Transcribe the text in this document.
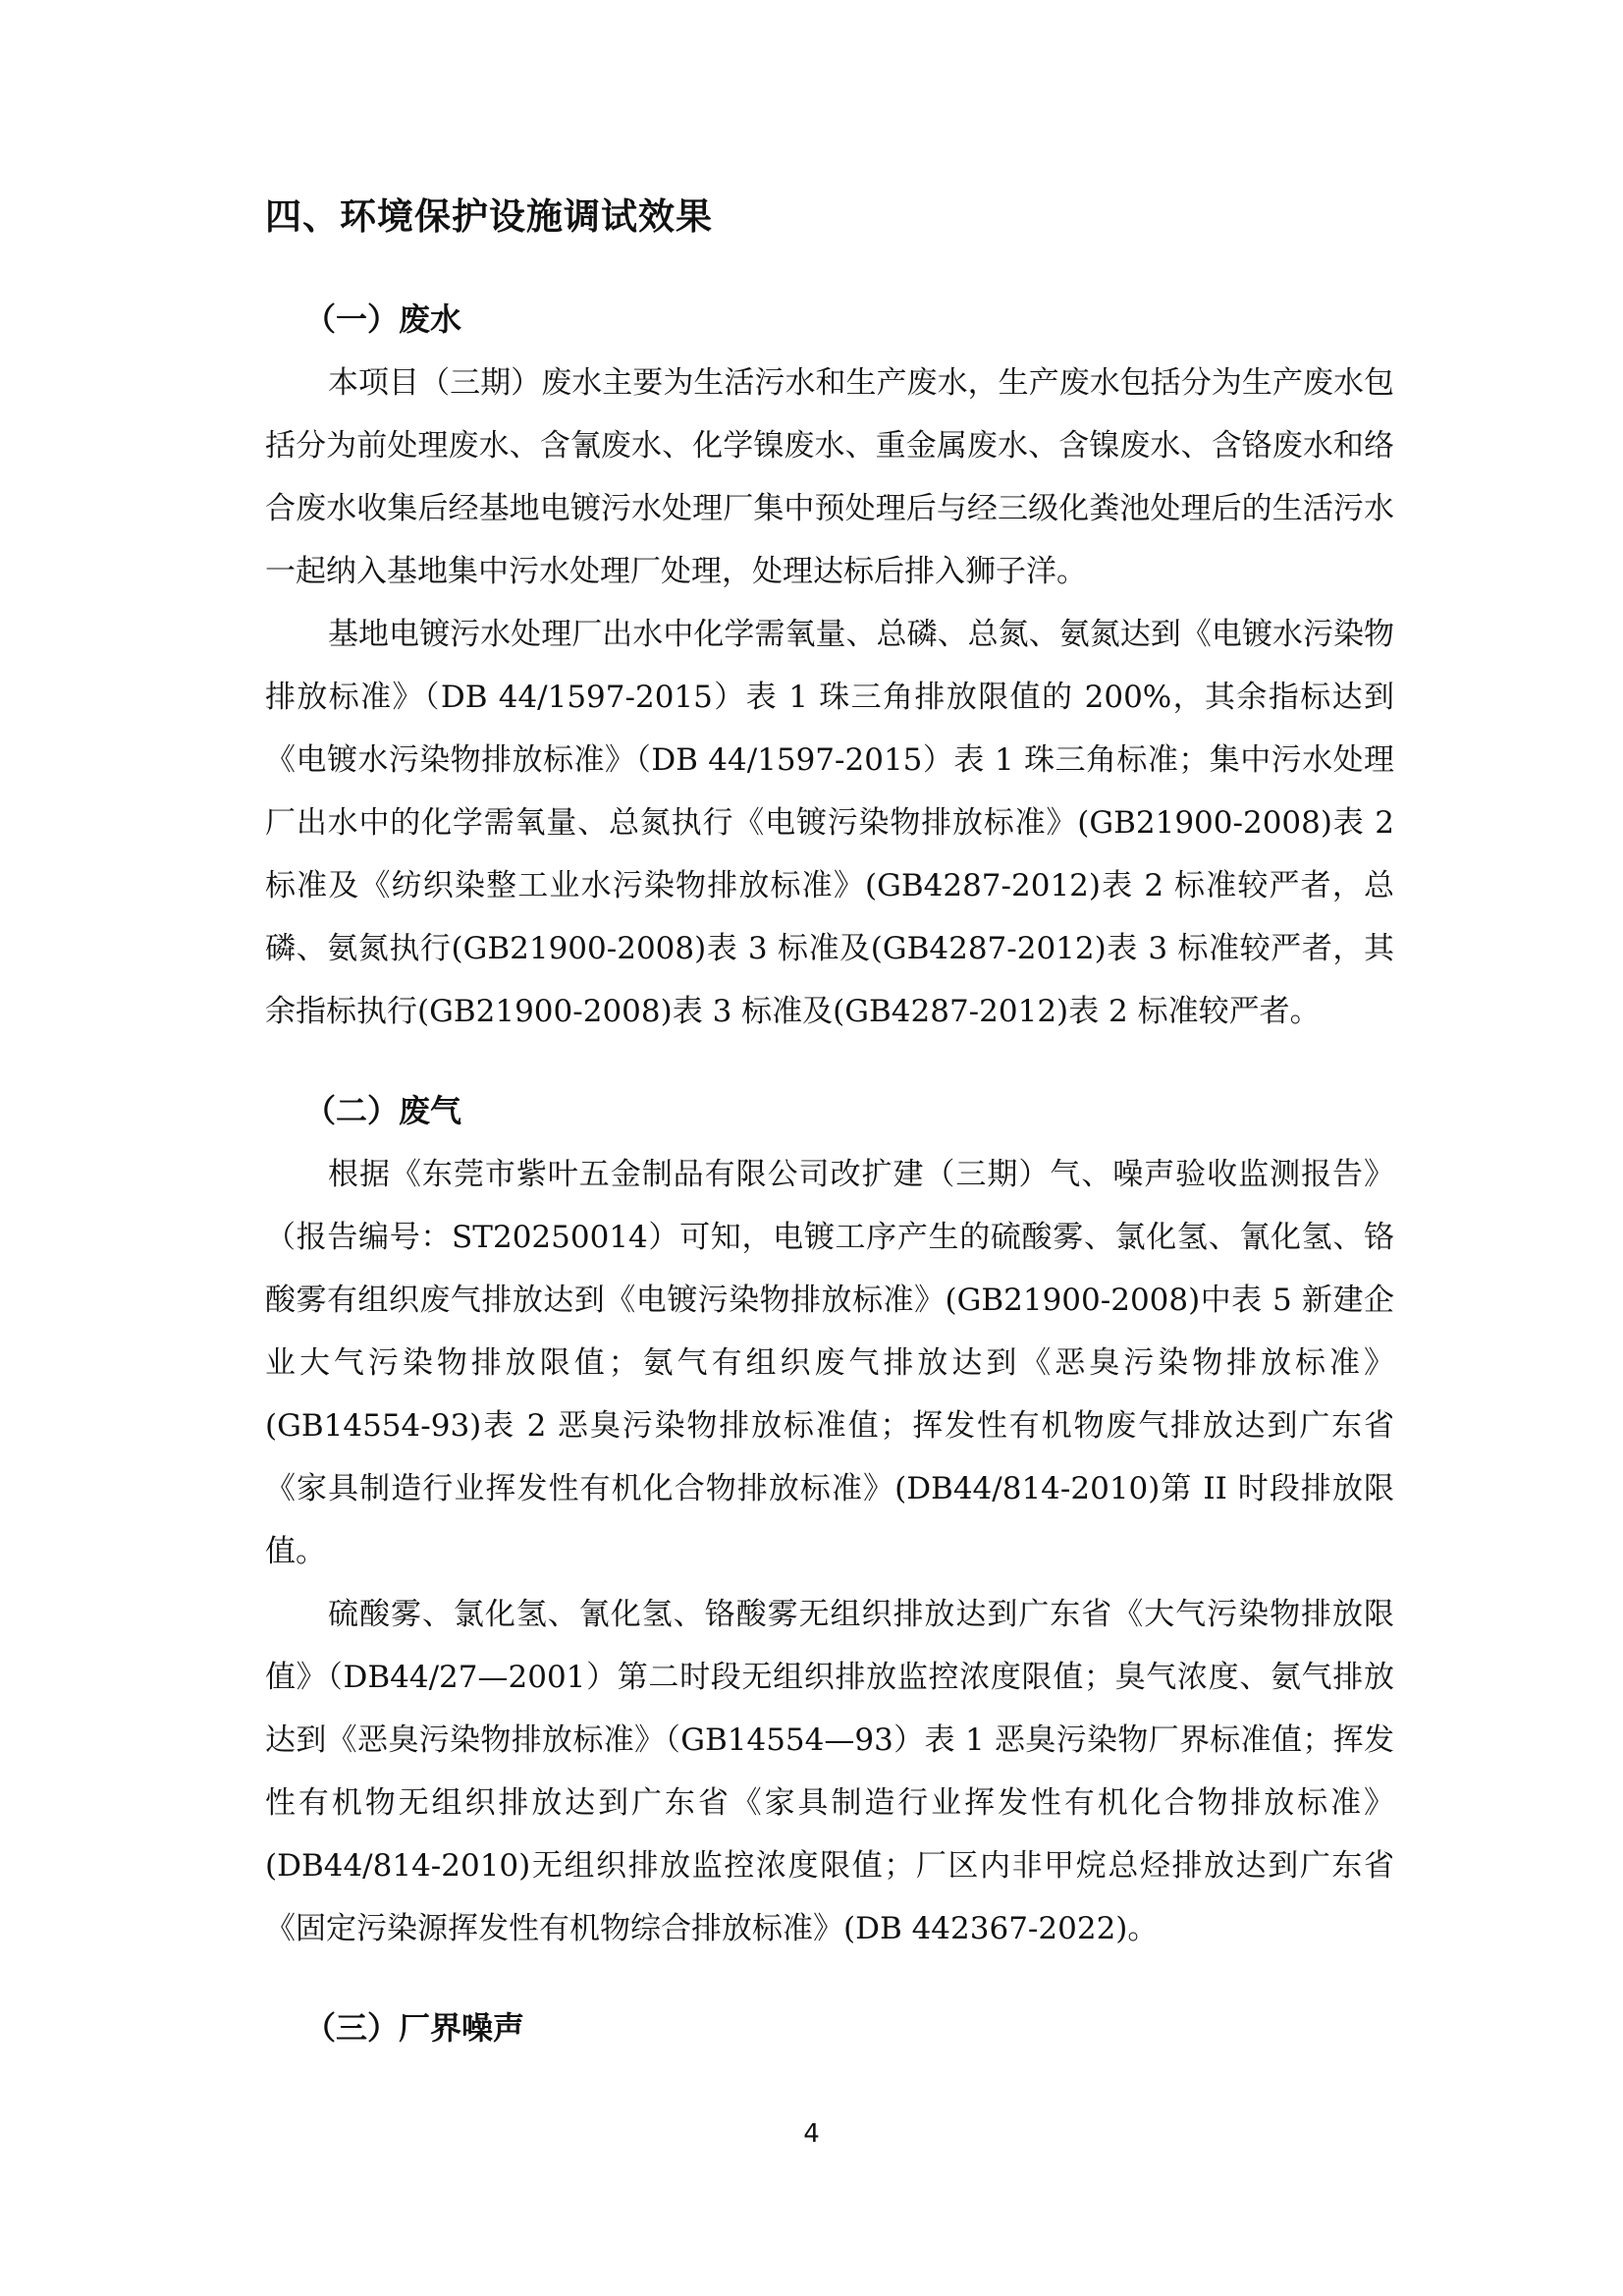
四、环境保护设施调试效果
（一）废水

本项目（三期）废水主要为生活污水和生产废水，生产废水包括分为生产废水包括分为前处理废水、含氰废水、化学镍废水、重金属废水、含镍废水、含铬废水和络合废水收集后经基地电镀污水处理厂集中预处理后与经三级化粪池处理后的生活污水一起纳入基地集中污水处理厂处理，处理达标后排入狮子洋。

基地电镀污水处理厂出水中化学需氧量、总磷、总氮、氨氮达到《电镀水污染物排放标准》（DB 44/1597-2015）表 1 珠三角排放限值的 200%，其余指标达到《电镀水污染物排放标准》（DB 44/1597-2015）表 1 珠三角标准；集中污水处理厂出水中的化学需氧量、总氮执行《电镀污染物排放标准》(GB21900-2008)表 2 标准及《纺织染整工业水污染物排放标准》(GB4287-2012)表 2 标准较严者，总磷、氨氮执行(GB21900-2008)表 3 标准及(GB4287-2012)表 3 标准较严者，其余指标执行(GB21900-2008)表 3 标准及(GB4287-2012)表 2 标准较严者。

（二）废气

根据《东莞市紫叶五金制品有限公司改扩建（三期）气、噪声验收监测报告》（报告编号：ST20250014）可知，电镀工序产生的硫酸雾、氯化氢、氰化氢、铬酸雾有组织废气排放达到《电镀污染物排放标准》(GB21900-2008)中表 5 新建企业大气污染物排放限值；氨气有组织废气排放达到《恶臭污染物排放标准》(GB14554-93)表 2 恶臭污染物排放标准值；挥发性有机物废气排放达到广东省《家具制造行业挥发性有机化合物排放标准》(DB44/814-2010)第 II 时段排放限值。

硫酸雾、氯化氢、氰化氢、铬酸雾无组织排放达到广东省《大气污染物排放限值》（DB44/27—2001）第二时段无组织排放监控浓度限值；臭气浓度、氨气排放达到《恶臭污染物排放标准》（GB14554—93）表 1 恶臭污染物厂界标准值；挥发性有机物无组织排放达到广东省《家具制造行业挥发性有机化合物排放标准》(DB44/814-2010)无组织排放监控浓度限值；厂区内非甲烷总烃排放达到广东省《固定污染源挥发性有机物综合排放标准》(DB 442367-2022)。

（三）厂界噪声
4
